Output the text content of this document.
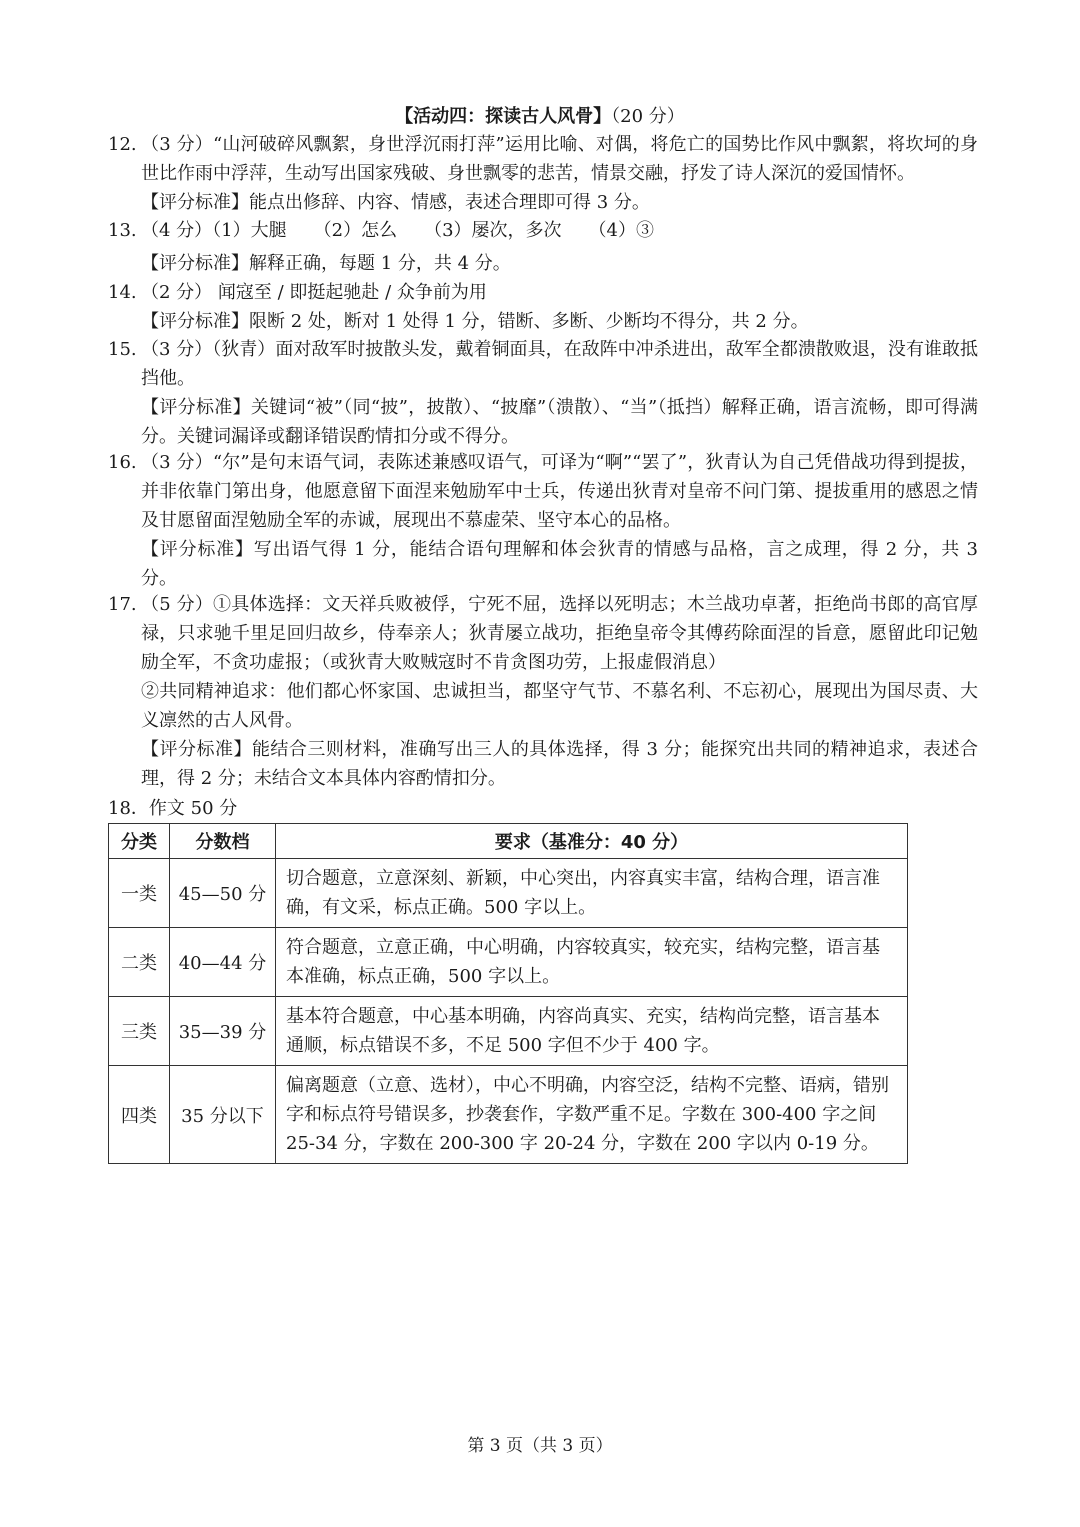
【活动四：探读古人风骨】（20 分）
12. （3 分）“山河破碎风飘絮，身世浮沉雨打萍”运用比喻、对偶，将危亡的国势比作风中飘絮，将坎坷的身世比作雨中浮萍，生动写出国家残破、身世飘零的悲苦，情景交融，抒发了诗人深沉的爱国情怀。
【评分标准】能点出修辞、内容、情感，表述合理即可得 3 分。
13. （4 分）（1）大腿　　（2）怎么　　（3）屡次，多次　　（4）③
【评分标准】解释正确，每题 1 分，共 4 分。
14. （2 分） 闻寇至 / 即挺起驰赴 / 众争前为用
【评分标准】限断 2 处，断对 1 处得 1 分，错断、多断、少断均不得分，共 2 分。
15. （3 分）（狄青）面对敌军时披散头发，戴着铜面具，在敌阵中冲杀进出，敌军全都溃散败退，没有谁敢抵挡他。
【评分标准】关键词“被”（同“披”，披散）、“披靡”（溃散）、“当”（抵挡）解释正确，语言流畅，即可得满分。关键词漏译或翻译错误酌情扣分或不得分。
16. （3 分）“尔”是句末语气词，表陈述兼感叹语气，可译为“啊”“罢了”，狄青认为自己凭借战功得到提拔，并非依靠门第出身，他愿意留下面涅来勉励军中士兵，传递出狄青对皇帝不问门第、提拔重用的感恩之情及甘愿留面涅勉励全军的赤诚，展现出不慕虚荣、坚守本心的品格。
【评分标准】写出语气得 1 分，能结合语句理解和体会狄青的情感与品格，言之成理，得 2 分，共 3 分。
17. （5 分）①具体选择：文天祥兵败被俘，宁死不屈，选择以死明志；木兰战功卓著，拒绝尚书郎的高官厚禄，只求驰千里足回归故乡，侍奉亲人；狄青屡立战功，拒绝皇帝令其傅药除面涅的旨意，愿留此印记勉励全军，不贪功虚报；（或狄青大败贼寇时不肯贪图功劳，上报虚假消息）
②共同精神追求：他们都心怀家国、忠诚担当，都坚守气节、不慕名利、不忘初心，展现出为国尽责、大义凛然的古人风骨。
【评分标准】能结合三则材料，准确写出三人的具体选择，得 3 分；能探究出共同的精神追求，表述合理，得 2 分；未结合文本具体内容酌情扣分。
18．作文 50 分
分类	分数档	要求（基准分：40 分）
一类	45—50 分	切合题意，立意深刻、新颖，中心突出，内容真实丰富，结构合理，语言准确，有文采，标点正确。500 字以上。
二类	40—44 分	符合题意，立意正确，中心明确，内容较真实，较充实，结构完整，语言基本准确，标点正确，500 字以上。
三类	35—39 分	基本符合题意，中心基本明确，内容尚真实、充实，结构尚完整，语言基本通顺，标点错误不多，不足 500 字但不少于 400 字。
四类	35 分以下	偏离题意（立意、选材），中心不明确，内容空泛，结构不完整、语病，错别字和标点符号错误多，抄袭套作，字数严重不足。字数在 300-400 字之间 25-34 分，字数在 200-300 字 20-24 分，字数在 200 字以内 0-19 分。
第 3 页（共 3 页）
